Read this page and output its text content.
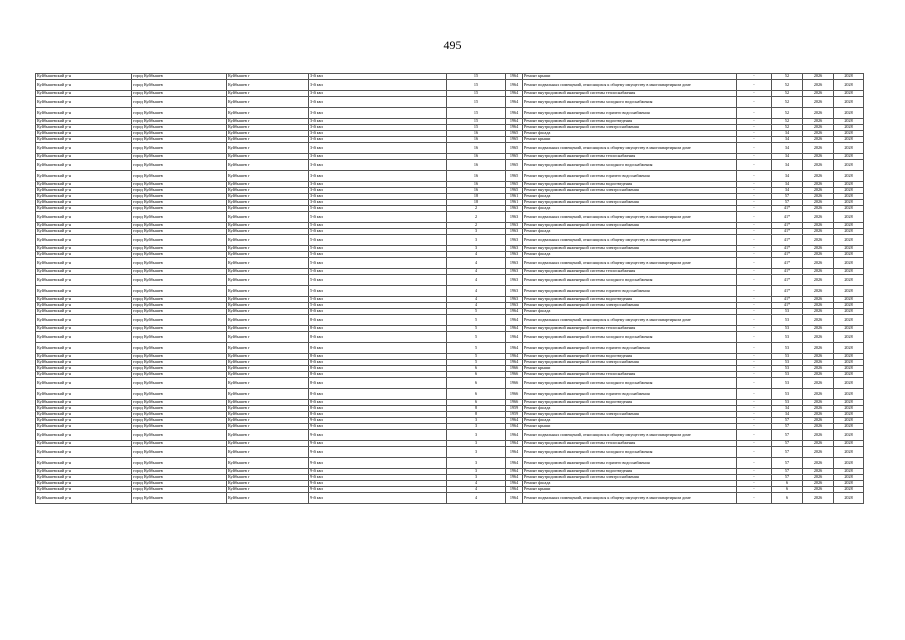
495
Куйбышевский р-н	город Куйбышев	Куйбышев г	3-й квл	15	1964	Ремонт крыши	-	52	2026	2028
Куйбышевский р-н	город Куйбышев	Куйбышев г	3-й квл	15	1964	Ремонт подвальных помещений, относящихся к общему имуществу в многоквартирном доме	-	52	2026	2028
Куйбышевский р-н	город Куйбышев	Куйбышев г	3-й квл	15	1964	Ремонт внутридомовой инженерной системы теплоснабжения	-	52	2026	2028
Куйбышевский р-н	город Куйбышев	Куйбышев г	3-й квл	15	1964	Ремонт внутридомовой инженерной системы холодного водоснабжения	-	52	2026	2028
Куйбышевский р-н	город Куйбышев	Куйбышев г	3-й квл	15	1964	Ремонт внутридомовой инженерной системы горячего водоснабжения	-	52	2026	2028
Куйбышевский р-н	город Куйбышев	Куйбышев г	3-й квл	15	1964	Ремонт внутридомовой инженерной системы водоотведения	-	52	2026	2028
Куйбышевский р-н	город Куйбышев	Куйбышев г	3-й квл	15	1964	Ремонт внутридомовой инженерной системы электроснабжения	-	52	2026	2028
Куйбышевский р-н	город Куйбышев	Куйбышев г	3-й квл	16	1965	Ремонт фасада	-	34	2026	2028
Куйбышевский р-н	город Куйбышев	Куйбышев г	3-й квл	16	1965	Ремонт крыши	-	34	2026	2028
Куйбышевский р-н	город Куйбышев	Куйбышев г	3-й квл	16	1965	Ремонт подвальных помещений, относящихся к общему имуществу в многоквартирном доме	-	34	2026	2028
Куйбышевский р-н	город Куйбышев	Куйбышев г	3-й квл	16	1965	Ремонт внутридомовой инженерной системы теплоснабжения	-	34	2026	2028
Куйбышевский р-н	город Куйбышев	Куйбышев г	3-й квл	16	1965	Ремонт внутридомовой инженерной системы холодного водоснабжения	-	34	2026	2028
Куйбышевский р-н	город Куйбышев	Куйбышев г	3-й квл	16	1965	Ремонт внутридомовой инженерной системы горячего водоснабжения	-	34	2026	2028
Куйбышевский р-н	город Куйбышев	Куйбышев г	3-й квл	16	1965	Ремонт внутридомовой инженерной системы водоотведения	-	34	2026	2028
Куйбышевский р-н	город Куйбышев	Куйбышев г	3-й квл	16	1965	Ремонт внутридомовой инженерной системы электроснабжения	-	34	2026	2028
Куйбышевский р-н	город Куйбышев	Куйбышев г	3-й квл	18	1961	Ремонт фасада	-	57	2026	2028
Куйбышевский р-н	город Куйбышев	Куйбышев г	3-й квл	18	1961	Ремонт внутридомовой инженерной системы электроснабжения	-	57	2026	2028
Куйбышевский р-н	город Куйбышев	Куйбышев г	5-й квл	2	1963	Ремонт фасада	-	41*	2026	2028
Куйбышевский р-н	город Куйбышев	Куйбышев г	5-й квл	2	1963	Ремонт подвальных помещений, относящихся к общему имуществу в многоквартирном доме	-	41*	2026	2028
Куйбышевский р-н	город Куйбышев	Куйбышев г	5-й квл	2	1963	Ремонт внутридомовой инженерной системы электроснабжения	-	41*	2026	2028
Куйбышевский р-н	город Куйбышев	Куйбышев г	5-й квл	3	1963	Ремонт фасада	-	41*	2026	2028
Куйбышевский р-н	город Куйбышев	Куйбышев г	5-й квл	3	1963	Ремонт подвальных помещений, относящихся к общему имуществу в многоквартирном доме	-	41*	2026	2028
Куйбышевский р-н	город Куйбышев	Куйбышев г	5-й квл	3	1963	Ремонт внутридомовой инженерной системы электроснабжения	-	41*	2026	2028
Куйбышевский р-н	город Куйбышев	Куйбышев г	5-й квл	4	1963	Ремонт фасада	-	41*	2026	2028
Куйбышевский р-н	город Куйбышев	Куйбышев г	5-й квл	4	1963	Ремонт подвальных помещений, относящихся к общему имуществу в многоквартирном доме	-	41*	2026	2028
Куйбышевский р-н	город Куйбышев	Куйбышев г	5-й квл	4	1963	Ремонт внутридомовой инженерной системы теплоснабжения	-	41*	2026	2028
Куйбышевский р-н	город Куйбышев	Куйбышев г	5-й квл	4	1963	Ремонт внутридомовой инженерной системы холодного водоснабжения	-	41*	2026	2028
Куйбышевский р-н	город Куйбышев	Куйбышев г	5-й квл	4	1963	Ремонт внутридомовой инженерной системы горячего водоснабжения	-	41*	2026	2028
Куйбышевский р-н	город Куйбышев	Куйбышев г	5-й квл	4	1963	Ремонт внутридомовой инженерной системы водоотведения	-	41*	2026	2028
Куйбышевский р-н	город Куйбышев	Куйбышев г	5-й квл	4	1963	Ремонт внутридомовой инженерной системы электроснабжения	-	41*	2026	2028
Куйбышевский р-н	город Куйбышев	Куйбышев г	8-й квл	5	1964	Ремонт фасада	-	53	2026	2028
Куйбышевский р-н	город Куйбышев	Куйбышев г	8-й квл	5	1964	Ремонт подвальных помещений, относящихся к общему имуществу в многоквартирном доме	-	53	2026	2028
Куйбышевский р-н	город Куйбышев	Куйбышев г	8-й квл	5	1964	Ремонт внутридомовой инженерной системы теплоснабжения	-	53	2026	2028
Куйбышевский р-н	город Куйбышев	Куйбышев г	8-й квл	5	1964	Ремонт внутридомовой инженерной системы холодного водоснабжения	-	53	2026	2028
Куйбышевский р-н	город Куйбышев	Куйбышев г	8-й квл	5	1964	Ремонт внутридомовой инженерной системы горячего водоснабжения	-	53	2026	2028
Куйбышевский р-н	город Куйбышев	Куйбышев г	8-й квл	5	1964	Ремонт внутридомовой инженерной системы водоотведения	-	53	2026	2028
Куйбышевский р-н	город Куйбышев	Куйбышев г	8-й квл	5	1964	Ремонт внутридомовой инженерной системы электроснабжения	-	53	2026	2028
Куйбышевский р-н	город Куйбышев	Куйбышев г	8-й квл	6	1966	Ремонт крыши	-	53	2026	2028
Куйбышевский р-н	город Куйбышев	Куйбышев г	8-й квл	6	1966	Ремонт внутридомовой инженерной системы теплоснабжения	-	53	2026	2028
Куйбышевский р-н	город Куйбышев	Куйбышев г	8-й квл	6	1966	Ремонт внутридомовой инженерной системы холодного водоснабжения	-	53	2026	2028
Куйбышевский р-н	город Куйбышев	Куйбышев г	8-й квл	6	1966	Ремонт внутридомовой инженерной системы горячего водоснабжения	-	53	2026	2028
Куйбышевский р-н	город Куйбышев	Куйбышев г	8-й квл	6	1966	Ремонт внутридомовой инженерной системы водоотведения	-	53	2026	2028
Куйбышевский р-н	город Куйбышев	Куйбышев г	8-й квл	8	1959	Ремонт фасада	-	34	2026	2028
Куйбышевский р-н	город Куйбышев	Куйбышев г	8-й квл	8	1959	Ремонт внутридомовой инженерной системы электроснабжения	-	34	2026	2028
Куйбышевский р-н	город Куйбышев	Куйбышев г	9-й квл	3	1964	Ремонт фасада	-	57	2026	2028
Куйбышевский р-н	город Куйбышев	Куйбышев г	9-й квл	3	1964	Ремонт крыши	-	57	2026	2028
Куйбышевский р-н	город Куйбышев	Куйбышев г	9-й квл	3	1964	Ремонт подвальных помещений, относящихся к общему имуществу в многоквартирном доме	-	57	2026	2028
Куйбышевский р-н	город Куйбышев	Куйбышев г	9-й квл	3	1964	Ремонт внутридомовой инженерной системы теплоснабжения	-	57	2026	2028
Куйбышевский р-н	город Куйбышев	Куйбышев г	9-й квл	3	1964	Ремонт внутридомовой инженерной системы холодного водоснабжения	-	57	2026	2028
Куйбышевский р-н	город Куйбышев	Куйбышев г	9-й квл	3	1964	Ремонт внутридомовой инженерной системы горячего водоснабжения	-	57	2026	2028
Куйбышевский р-н	город Куйбышев	Куйбышев г	9-й квл	3	1964	Ремонт внутридомовой инженерной системы водоотведения	-	57	2026	2028
Куйбышевский р-н	город Куйбышев	Куйбышев г	9-й квл	3	1964	Ремонт внутридомовой инженерной системы электроснабжения	-	57	2026	2028
Куйбышевский р-н	город Куйбышев	Куйбышев г	9-й квл	4	1964	Ремонт фасада	-	6	2026	2028
Куйбышевский р-н	город Куйбышев	Куйбышев г	9-й квл	4	1964	Ремонт крыши	-	6	2026	2028
Куйбышевский р-н	город Куйбышев	Куйбышев г	9-й квл	4	1964	Ремонт подвальных помещений, относящихся к общему имуществу в многоквартирном доме	-	6	2026	2028
